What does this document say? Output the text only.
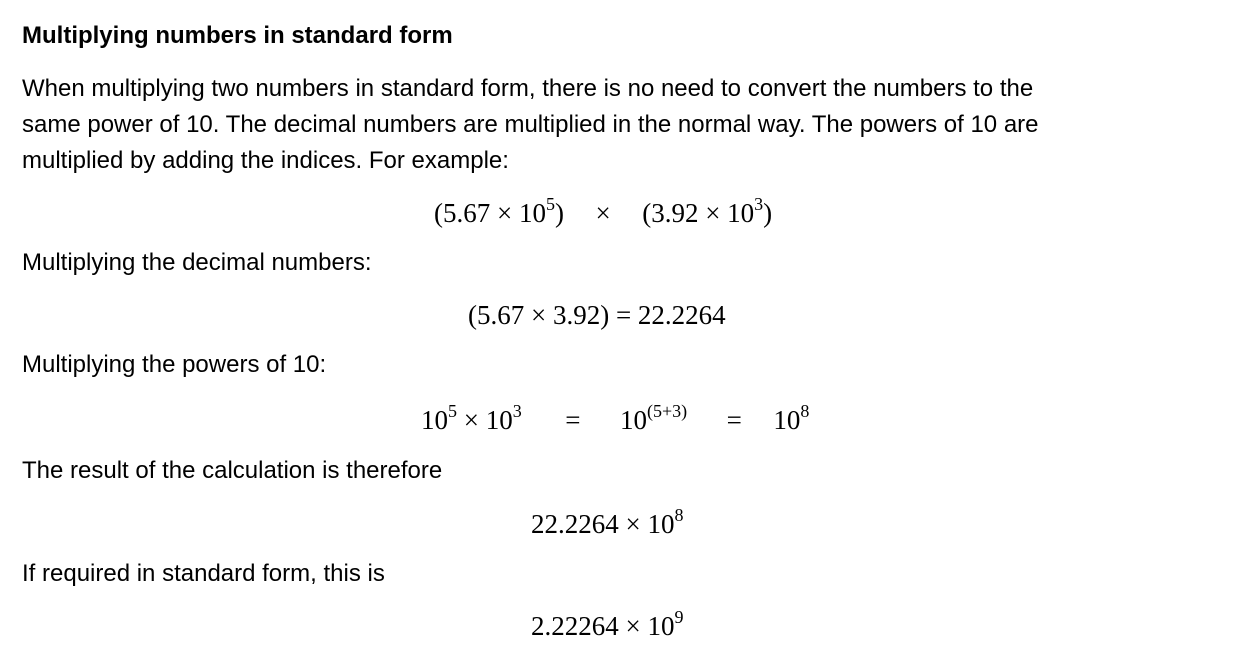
Multiplying numbers in standard form
When multiplying two numbers in standard form, there is no need to convert the numbers to the
same power of 10. The decimal numbers are multiplied in the normal way. The powers of 10 are
multiplied by adding the indices. For example:
$(5.67 \times 10^5) \times (3.92 \times 10^3)$
Multiplying the decimal numbers:
(5.67 × 3.92) = 22.2264
Multiplying the powers of 10:
$10^5 \times 10^3 = 10^{(5+3)} = 10^8$
The result of the calculation is therefore
$22.2264 \times 10^8$
If required in standard form, this is
$2.22264 \times 10^9$
